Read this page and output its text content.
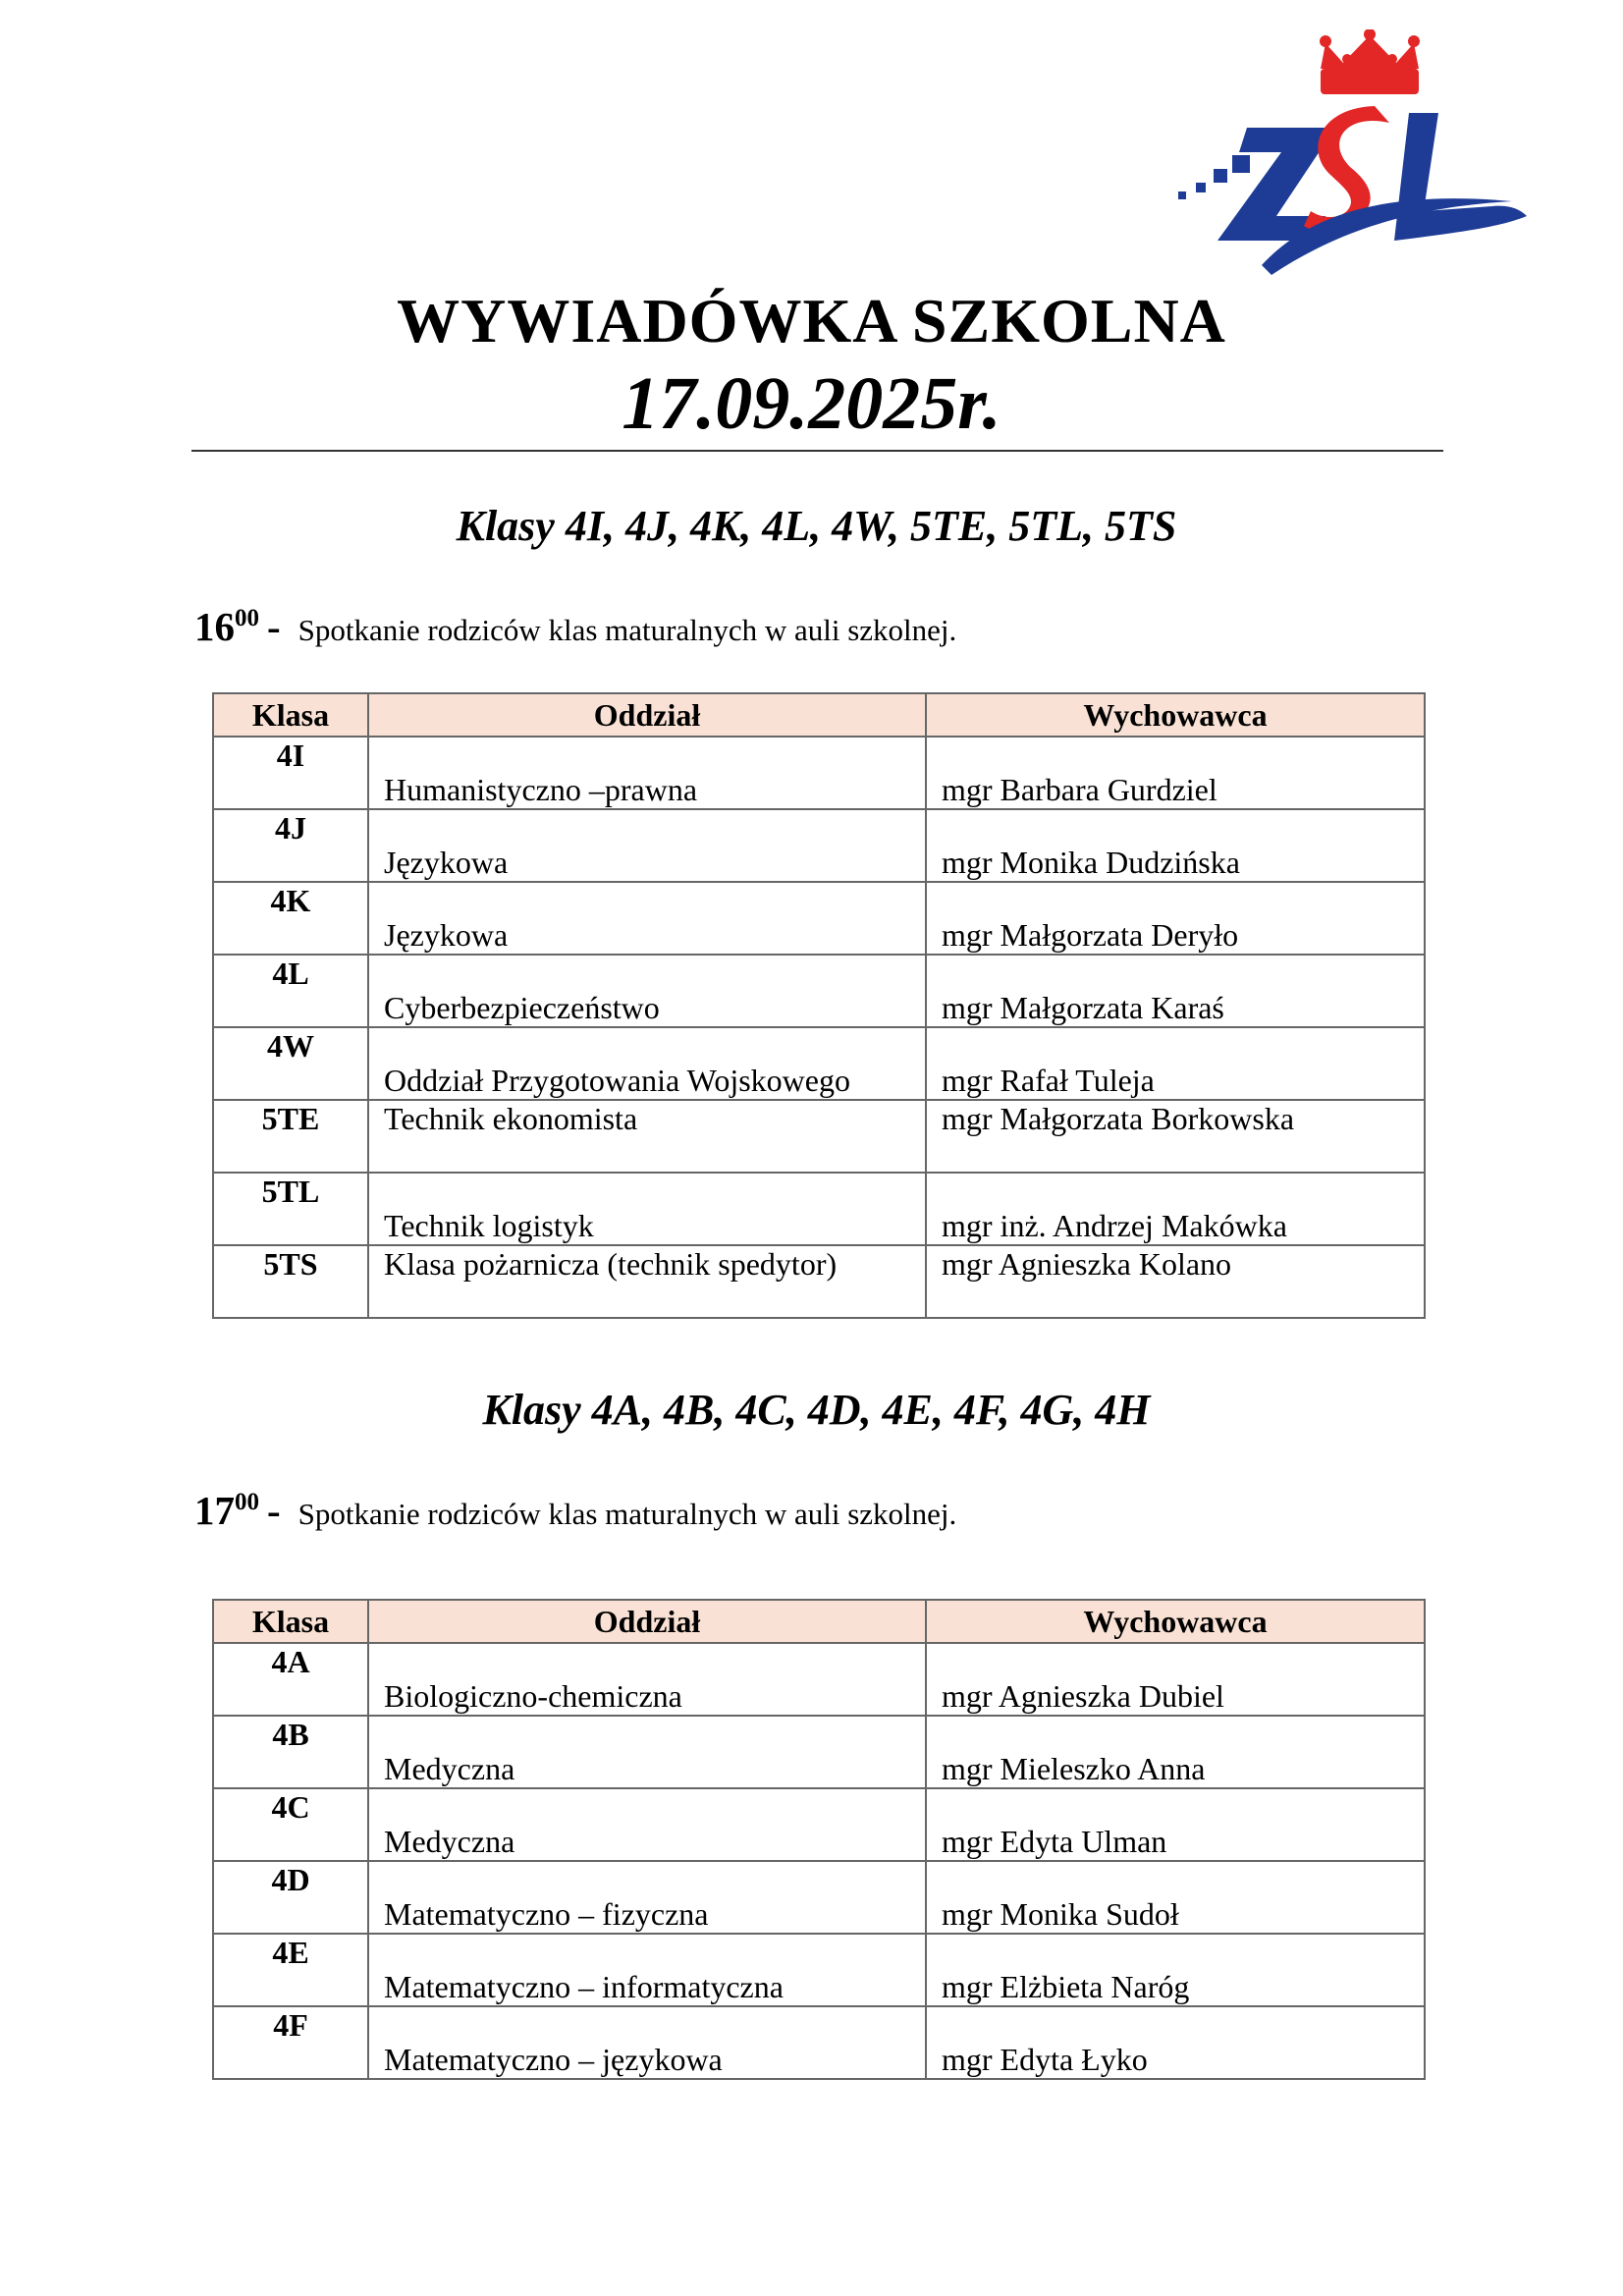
WYWIADÓWKA SZKOLNA
17.09.2025r.
Klasy 4I, 4J, 4K, 4L, 4W, 5TE, 5TL, 5TS
$16^{00}$ - Spotkanie rodziców klas maturalnych w auli szkolnej.
Klasa	Oddział	Wychowawca
4I	Humanistyczno –prawna	mgr Barbara Gurdziel
4J	Językowa	mgr Monika Dudzińska
4K	Językowa	mgr Małgorzata Deryło
4L	Cyberbezpieczeństwo	mgr Małgorzata Karaś
4W	Oddział Przygotowania Wojskowego	mgr Rafał Tuleja
5TE	Technik ekonomista	mgr Małgorzata Borkowska
5TL	Technik logistyk	mgr inż. Andrzej Makówka
5TS	Klasa pożarnicza (technik spedytor)	mgr Agnieszka Kolano
Klasy 4A, 4B, 4C, 4D, 4E, 4F, 4G, 4H
$17^{00}$ - Spotkanie rodziców klas maturalnych w auli szkolnej.
Klasa	Oddział	Wychowawca
4A	Biologiczno-chemiczna	mgr Agnieszka Dubiel
4B	Medyczna	mgr Mieleszko Anna
4C	Medyczna	mgr Edyta Ulman
4D	Matematyczno – fizyczna	mgr Monika Sudoł
4E	Matematyczno – informatyczna	mgr Elżbieta Naróg
4F	Matematyczno – językowa	mgr Edyta Łyko
